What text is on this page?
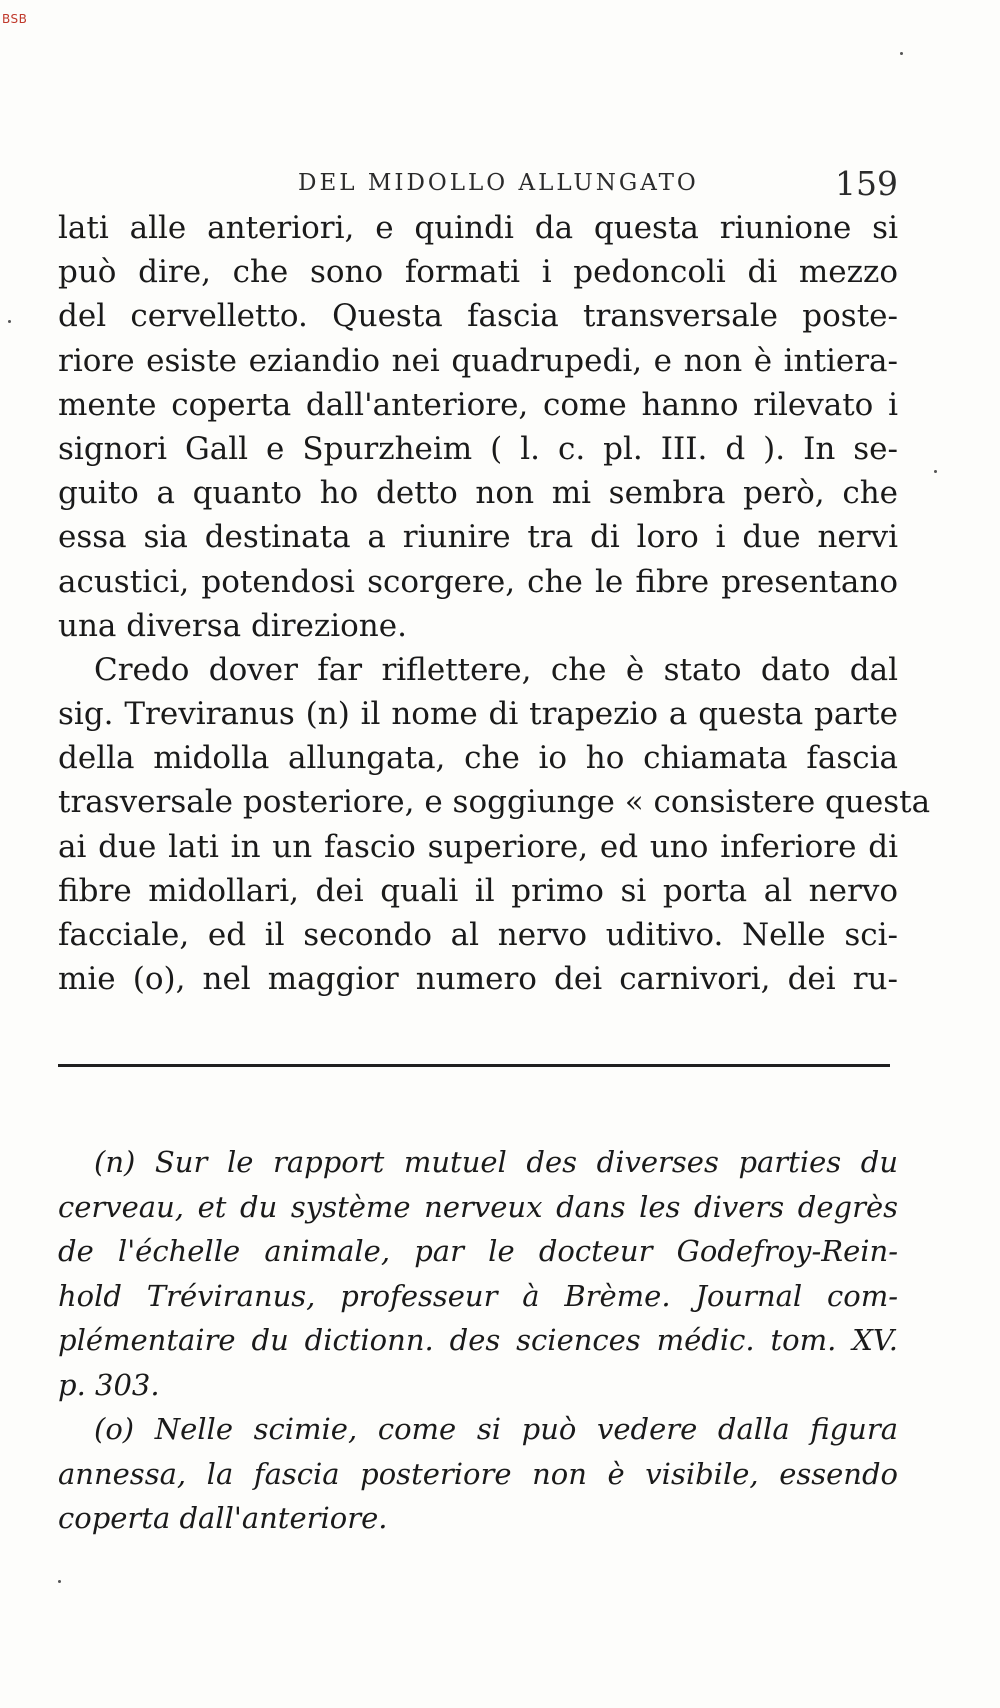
BSB
DEL MIDOLLO ALLUNGATO	159
lati alle anteriori, e quindi da questa riunione si
può dire, che sono formati i pedoncoli di mezzo
del cervelletto. Questa fascia transversale poste-
riore esiste eziandio nei quadrupedi, e non è intiera-
mente coperta dall'anteriore, come hanno rilevato i
signori Gall e Spurzheim ( l. c. pl. III. d ). In se-
guito a quanto ho detto non mi sembra però, che
essa sia destinata a riunire tra di loro i due nervi
acustici, potendosi scorgere, che le fibre presentano
una diversa direzione.
Credo dover far riflettere, che è stato dato dal
sig. Treviranus (n) il nome di trapezio a questa parte
della midolla allungata, che io ho chiamata fascia
trasversale posteriore, e soggiunge « consistere questa
ai due lati in un fascio superiore, ed uno inferiore di
fibre midollari, dei quali il primo si porta al nervo
facciale, ed il secondo al nervo uditivo. Nelle sci-
mie (o), nel maggior numero dei carnivori, dei ru-
(n) Sur le rapport mutuel des diverses parties du
cerveau, et du système nerveux dans les divers degrès
de l'échelle animale, par le docteur Godefroy-Rein-
hold Tréviranus, professeur à Brème. Journal com-
plémentaire du dictionn. des sciences médic. tom. XV.
p. 303.
(o) Nelle scimie, come si può vedere dalla figura
annessa, la fascia posteriore non è visibile, essendo
coperta dall'anteriore.
